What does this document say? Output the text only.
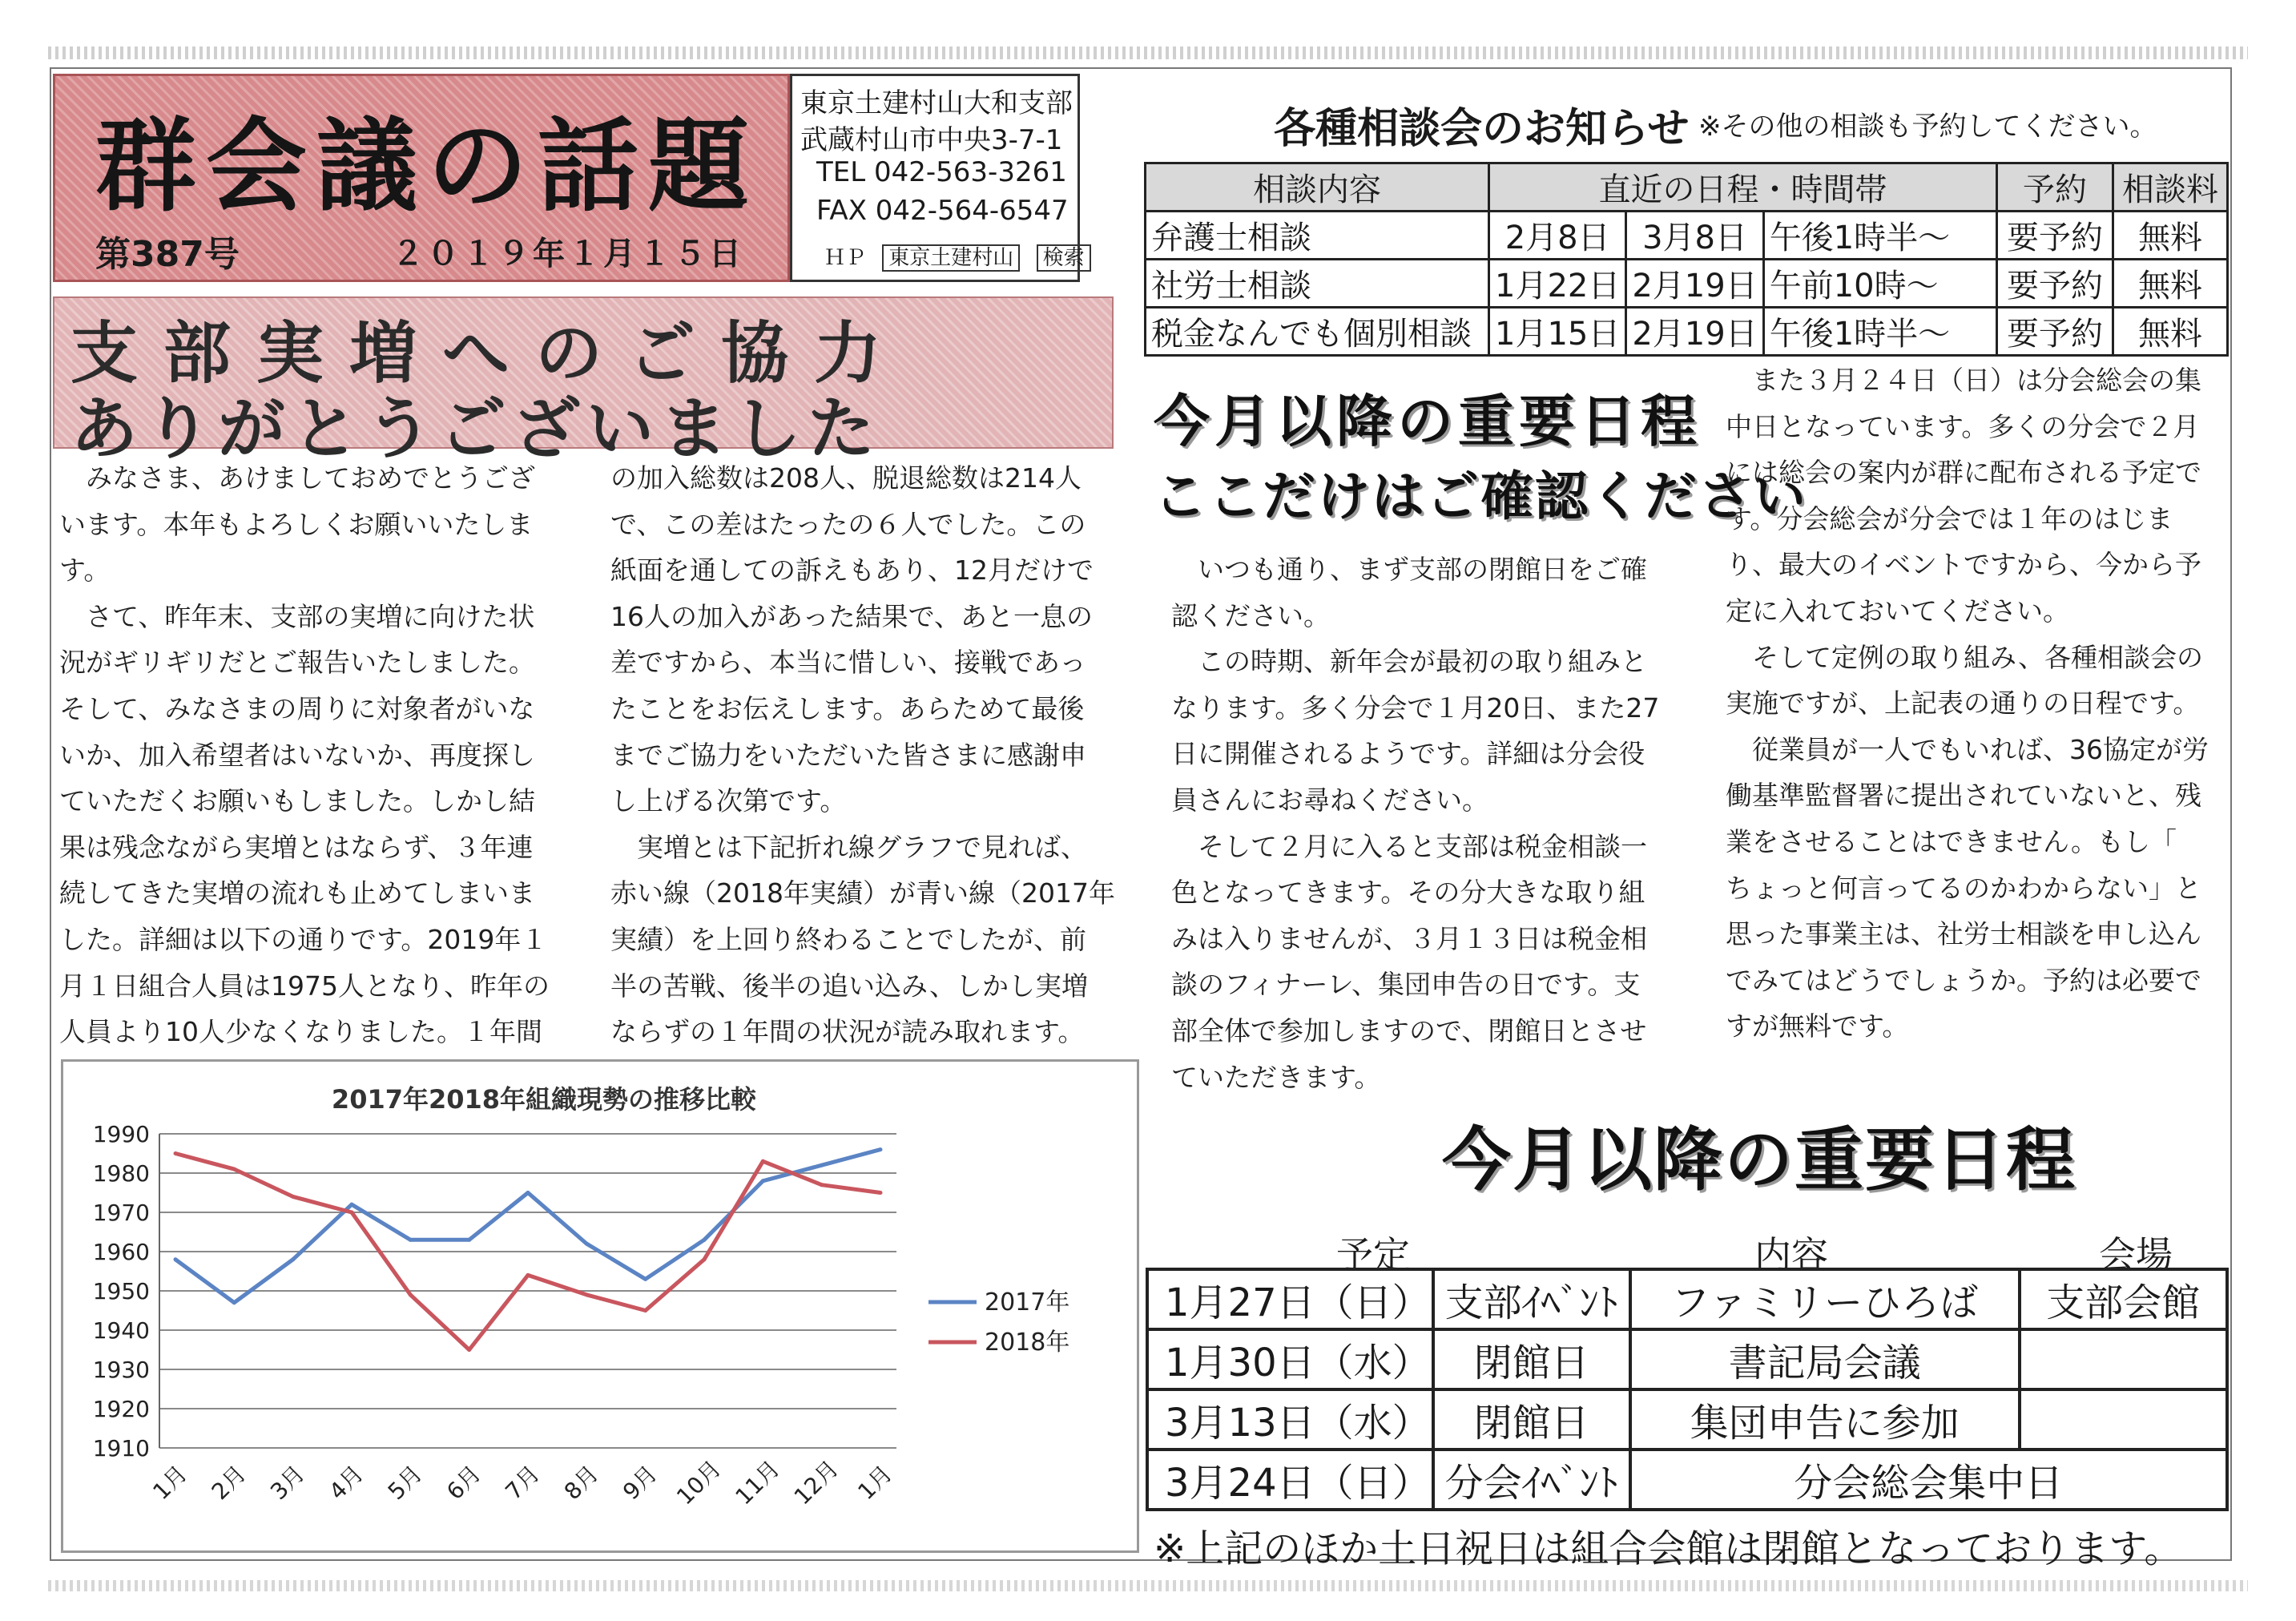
群会議の話題
第387号	２０１９年１月１５日
東京土建村山大和支部
武蔵村山市中央3-7-1
TEL 042-563-3261
FAX 042-564-6547
ＨＰ 東京土建村山 検索
支部実増へのご協力
ありがとうございました

みなさま、あけましておめでとうござ

います。本年もよろしくお願いいたしま

す。

さて、昨年末、支部の実増に向けた状

況がギリギリだとご報告いたしました。

そして、みなさまの周りに対象者がいな

いか、加入希望者はいないか、再度探し

ていただくお願いもしました。しかし結

果は残念ながら実増とはならず、３年連

続してきた実増の流れも止めてしまいま

した。詳細は以下の通りです。2019年１

月１日組合人員は1975人となり、昨年の

人員より10人少なくなりました。１年間

の加入総数は208人、脱退総数は214人

で、この差はたったの６人でした。この

紙面を通しての訴えもあり、12月だけで

16人の加入があった結果で、あと一息の

差ですから、本当に惜しい、接戦であっ

たことをお伝えします。あらためて最後

までご協力をいただいた皆さまに感謝申

し上げる次第です。

実増とは下記折れ線グラフで見れば、

赤い線（2018年実績）が青い線（2017年

実績）を上回り終わることでしたが、前

半の苦戦、後半の追い込み、しかし実増

ならずの１年間の状況が読み取れます。

各種相談会のお知らせ ※その他の相談も予約してください。
相談内容	直近の日程・時間帯			予約	相談料
弁護士相談	2月8日	3月8日	午後1時半～	要予約	無料
社労士相談	1月22日	2月19日	午前10時～	要予約	無料
税金なんでも個別相談	1月15日	2月19日	午後1時半～	要予約	無料
今月以降の重要日程
ここだけはご確認ください

いつも通り、まず支部の閉館日をご確

認ください。

この時期、新年会が最初の取り組みと

なります。多く分会で１月20日、また27

日に開催されるようです。詳細は分会役

員さんにお尋ねください。

そして２月に入ると支部は税金相談一

色となってきます。その分大きな取り組

みは入りませんが、３月１３日は税金相

談のフィナーレ、集団申告の日です。支

部全体で参加しますので、閉館日とさせ

ていただきます。

また３月２４日（日）は分会総会の集

中日となっています。多くの分会で２月

には総会の案内が群に配布される予定で

す。分会総会が分会では１年のはじま

り、最大のイベントですから、今から予

定に入れておいてください。

そして定例の取り組み、各種相談会の

実施ですが、上記表の通りの日程です。

従業員が一人でもいれば、36協定が労

働基準監督署に提出されていないと、残

業をさせることはできません。もし「

ちょっと何言ってるのかわからない」と

思った事業主は、社労士相談を申し込ん

でみてはどうでしょうか。予約は必要で

すが無料です。

2017年2018年組織現勢の推移比較
1910
1920
1930
1940
1950
1960
1970
1980
1990
1月 2月 3月 4月 5月 6月 7月 8月 9月 10月 11月 12月 1月
2017年
2018年
今月以降の重要日程
予定	内容	会場
1月27日（日）	支部ｲﾍﾞﾝﾄ	ファミリーひろば	支部会館
1月30日（水）	閉館日	書記局会議	
3月13日（水）	閉館日	集団申告に参加	
3月24日（日）	分会ｲﾍﾞﾝﾄ	分会総会集中日	
※上記のほか土日祝日は組合会館は閉館となっております。
